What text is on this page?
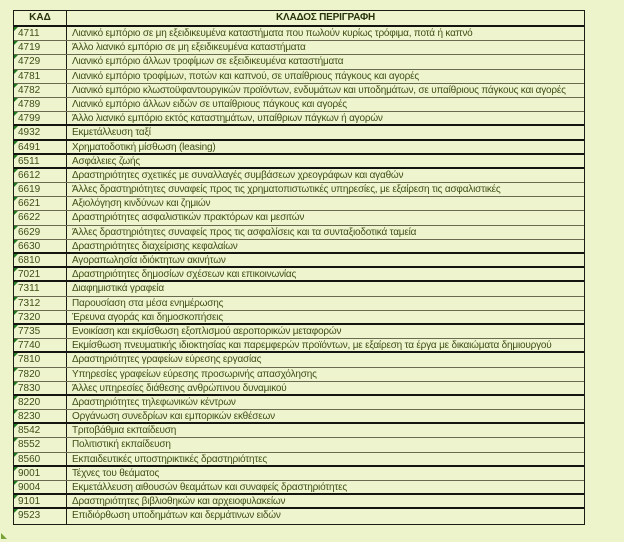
ΚΑΔ	ΚΛΑΔΟΣ ΠΕΡΙΓΡΑΦΗ
4711	Λιανικό εμπόριο σε μη εξειδικευμένα καταστήματα που πωλούν κυρίως τρόφιμα, ποτά ή καπνό
4719	Άλλο λιανικό εμπόριο σε μη εξειδικευμένα καταστήματα
4729	Λιανικό εμπόριο άλλων τροφίμων σε εξειδικευμένα καταστήματα
4781	Λιανικό εμπόριο τροφίμων, ποτών και καπνού, σε υπαίθριους πάγκους και αγορές
4782	Λιανικό εμπόριο κλωστοϋφαντουργικών προϊόντων, ενδυμάτων και υποδημάτων, σε υπαίθριους πάγκους και αγορές
4789	Λιανικό εμπόριο άλλων ειδών σε υπαίθριους πάγκους και αγορές
4799	Άλλο λιανικό εμπόριο εκτός καταστημάτων, υπαίθριων πάγκων ή αγορών
4932	Εκμετάλλευση ταξί
6491	Χρηματοδοτική μίσθωση (leasing)
6511	Ασφάλειες ζωής
6612	Δραστηριότητες σχετικές με συναλλαγές συμβάσεων χρεογράφων και αγαθών
6619	Άλλες δραστηριότητες συναφείς προς τις χρηματοπιστωτικές υπηρεσίες, με εξαίρεση τις ασφαλιστικές
6621	Αξιολόγηση κινδύνων και ζημιών
6622	Δραστηριότητες ασφαλιστικών πρακτόρων και μεσιτών
6629	Άλλες δραστηριότητες συναφείς προς τις ασφαλίσεις και τα συνταξιοδοτικά ταμεία
6630	Δραστηριότητες διαχείρισης κεφαλαίων
6810	Αγοραπωλησία ιδιόκτητων ακινήτων
7021	Δραστηριότητες δημοσίων σχέσεων και επικοινωνίας
7311	Διαφημιστικά γραφεία
7312	Παρουσίαση στα μέσα ενημέρωσης
7320	Έρευνα αγοράς και δημοσκοπήσεις
7735	Ενοικίαση και εκμίσθωση εξοπλισμού αεροπορικών μεταφορών
7740	Εκμίσθωση πνευματικής ιδιοκτησίας και παρεμφερών προϊόντων, με εξαίρεση τα έργα με δικαιώματα δημιουργού
7810	Δραστηριότητες γραφείων εύρεσης εργασίας
7820	Υπηρεσίες γραφείων εύρεσης προσωρινής απασχόλησης
7830	Άλλες υπηρεσίες διάθεσης ανθρώπινου δυναμικού
8220	Δραστηριότητες τηλεφωνικών κέντρων
8230	Οργάνωση συνεδρίων και εμπορικών εκθέσεων
8542	Τριτοβάθμια εκπαίδευση
8552	Πολιτιστική εκπαίδευση
8560	Εκπαιδευτικές υποστηρικτικές δραστηριότητες
9001	Τέχνες του θεάματος
9004	Εκμετάλλευση αιθουσών θεαμάτων και συναφείς δραστηριότητες
9101	Δραστηριότητες βιβλιοθηκών και αρχειοφυλακείων
9523	Επιδιόρθωση υποδημάτων και δερμάτινων ειδών
